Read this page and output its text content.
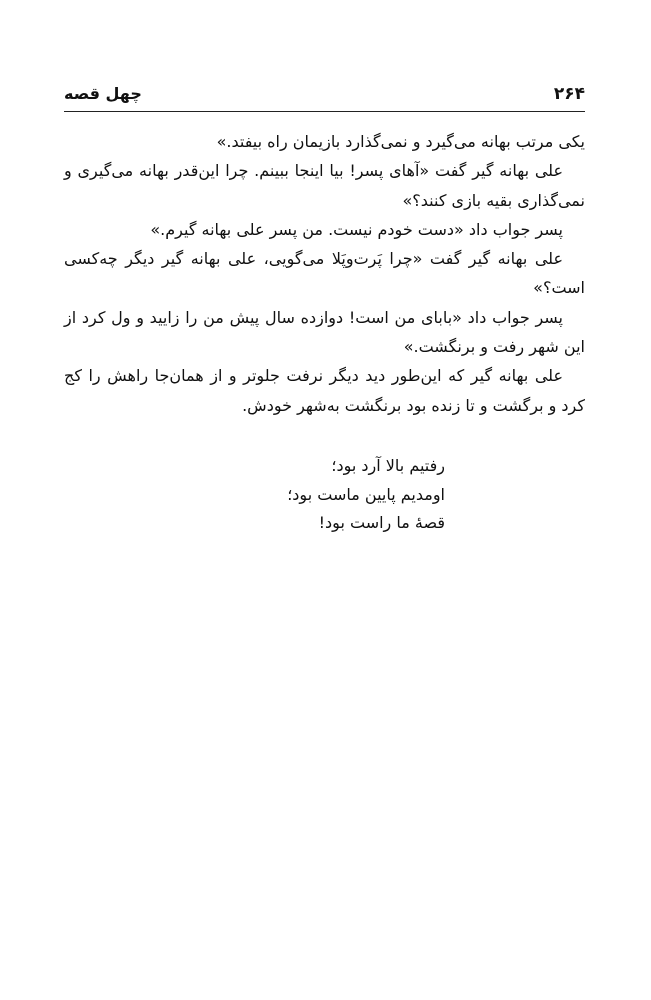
۲۶۴
چهل قصه

یکی مرتب بهانه می‌گیرد و نمی‌گذارد بازیمان راه بیفتد.»

علی بهانه گیر گفت «آهای پسر! بیا اینجا ببینم. چرا این‌قدر بهانه می‌گیری و نمی‌گذاری بقیه بازی کنند؟»

پسر جواب داد «دست خودم نیست. من پسر علی بهانه گیرم.»

علی بهانه گیر گفت «چرا پَرت‌وپَلا می‌گویی، علی بهانه گیر دیگر چه‌کسی است؟»

پسر جواب داد «بابای من است! دوازده سال پیش من را زایید و ول کرد از این شهر رفت و برنگشت.»

علی بهانه گیر که این‌طور دید دیگر نرفت جلوتر و از همان‌جا راهش را کج کرد و برگشت و تا زنده بود برنگشت به‌شهر خودش.

رفتیم بالا آرد بود؛
اومدیم پایین ماست بود؛
قصهٔ ما راست بود!
